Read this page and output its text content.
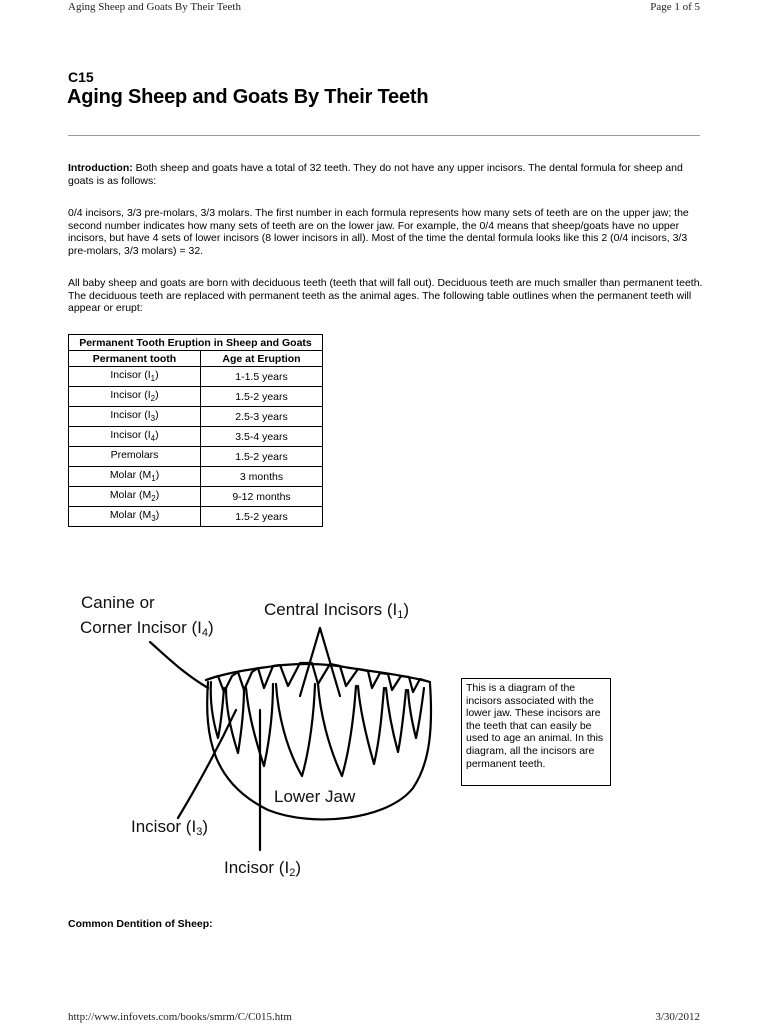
Aging Sheep and Goats By Their Teeth	Page 1 of 5
C15
Aging Sheep and Goats By Their Teeth

Introduction: Both sheep and goats have a total of 32 teeth. They do not have any upper incisors. The dental formula for sheep and goats is as follows:

0/4 incisors, 3/3 pre-molars, 3/3 molars. The first number in each formula represents how many sets of teeth are on the upper jaw; the second number indicates how many sets of teeth are on the lower jaw. For example, the 0/4 means that sheep/goats have no upper incisors, but have 4 sets of lower incisors (8 lower incisors in all). Most of the time the dental formula looks like this 2 (0/4 incisors, 3/3 pre-molars, 3/3 molars) = 32.

All baby sheep and goats are born with deciduous teeth (teeth that will fall out). Deciduous teeth are much smaller than permanent teeth. The deciduous teeth are replaced with permanent teeth as the animal ages. The following table outlines when the permanent teeth will appear or erupt:

Permanent Tooth Eruption in Sheep and Goats	
Permanent tooth	Age at Eruption
Incisor $(I_1)$	1-1.5 years
Incisor $(I_2)$	1.5-2 years
Incisor $(I_3)$	2.5-3 years
Incisor $(I_4)$	3.5-4 years
Premolars	1.5-2 years
Molar $(M_1)$	3 months
Molar $(M_2)$	9-12 months
Molar $(M_3)$	1.5-2 years
Canine or
Corner Incisor (I4)
Central Incisors (I1)
Lower Jaw
Incisor (I3)
Incisor (I2)
This is a diagram of the incisors associated with the lower jaw. These incisors are the teeth that can easily be used to age an animal. In this diagram, all the incisors are permanent teeth.
Common Dentition of Sheep:
http://www.infovets.com/books/smrm/C/C015.htm	3/30/2012
